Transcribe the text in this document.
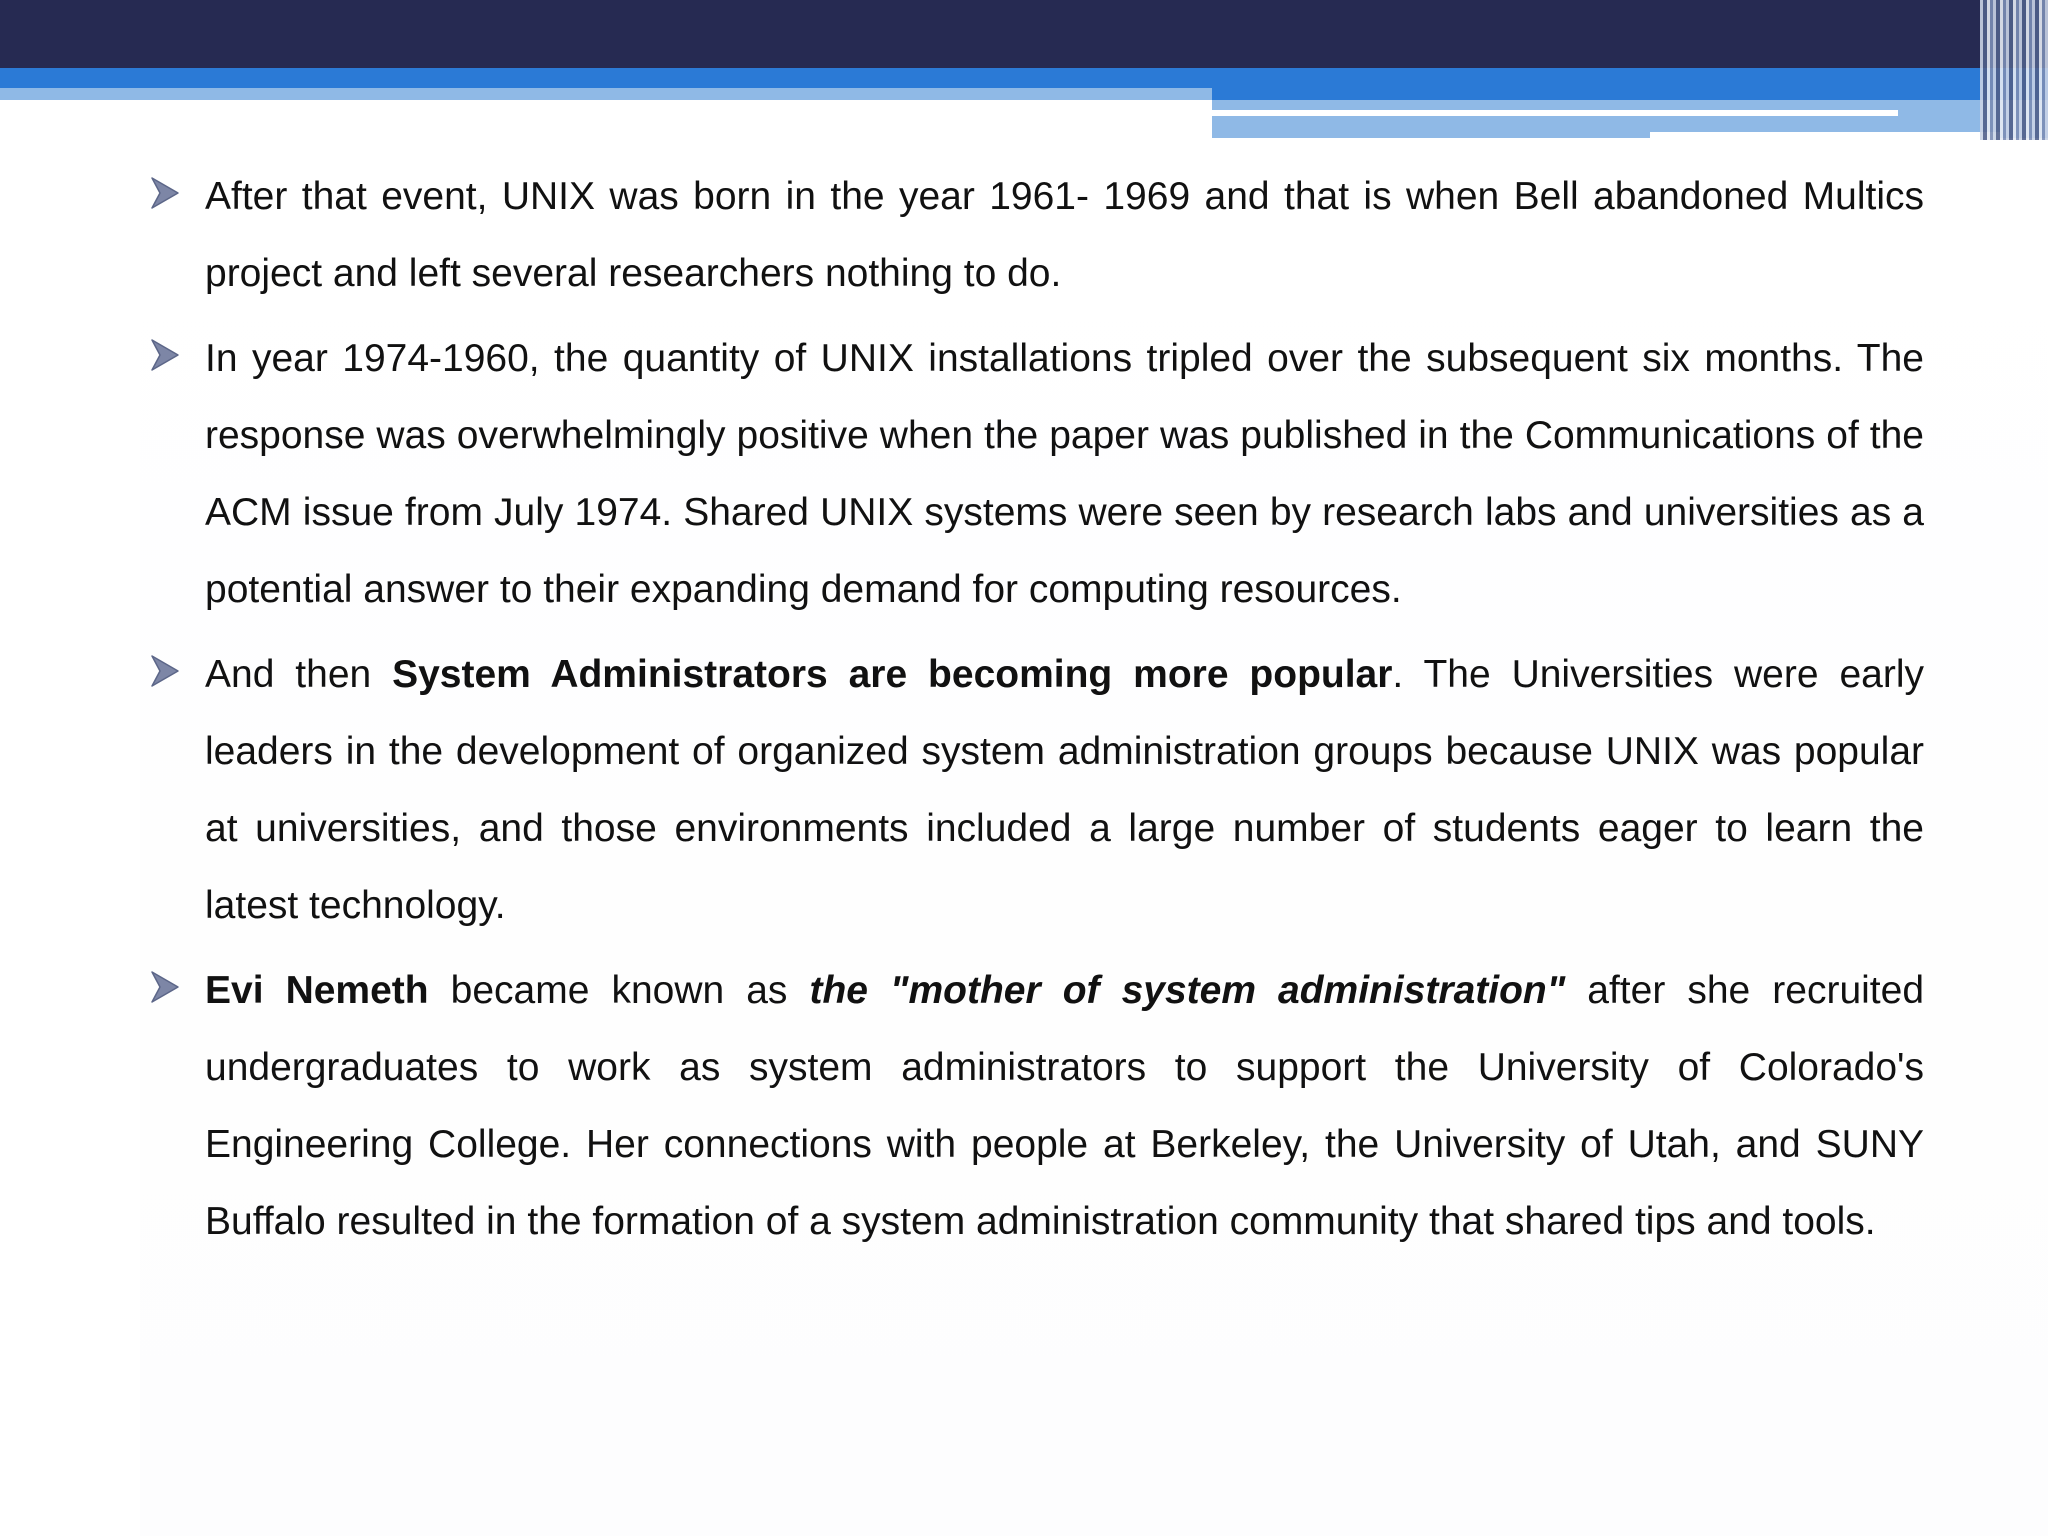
After that event, UNIX was born in the year 1961- 1969 and that is when Bell abandoned Multics project and left several researchers nothing to do.

In year 1974-1960, the quantity of UNIX installations tripled over the subsequent six months. The response was overwhelmingly positive when the paper was published in the Communications of the ACM issue from July 1974. Shared UNIX systems were seen by research labs and universities as a potential answer to their expanding demand for computing resources.

And then System Administrators are becoming more popular. The Universities were early leaders in the development of organized system administration groups because UNIX was popular at universities, and those environments included a large number of students eager to learn the latest technology.

Evi Nemeth became known as the "mother of system administration" after she recruited undergraduates to work as system administrators to support the University of Colorado's Engineering College. Her connections with people at Berkeley, the University of Utah, and SUNY Buffalo resulted in the formation of a system administration community that shared tips and tools.
